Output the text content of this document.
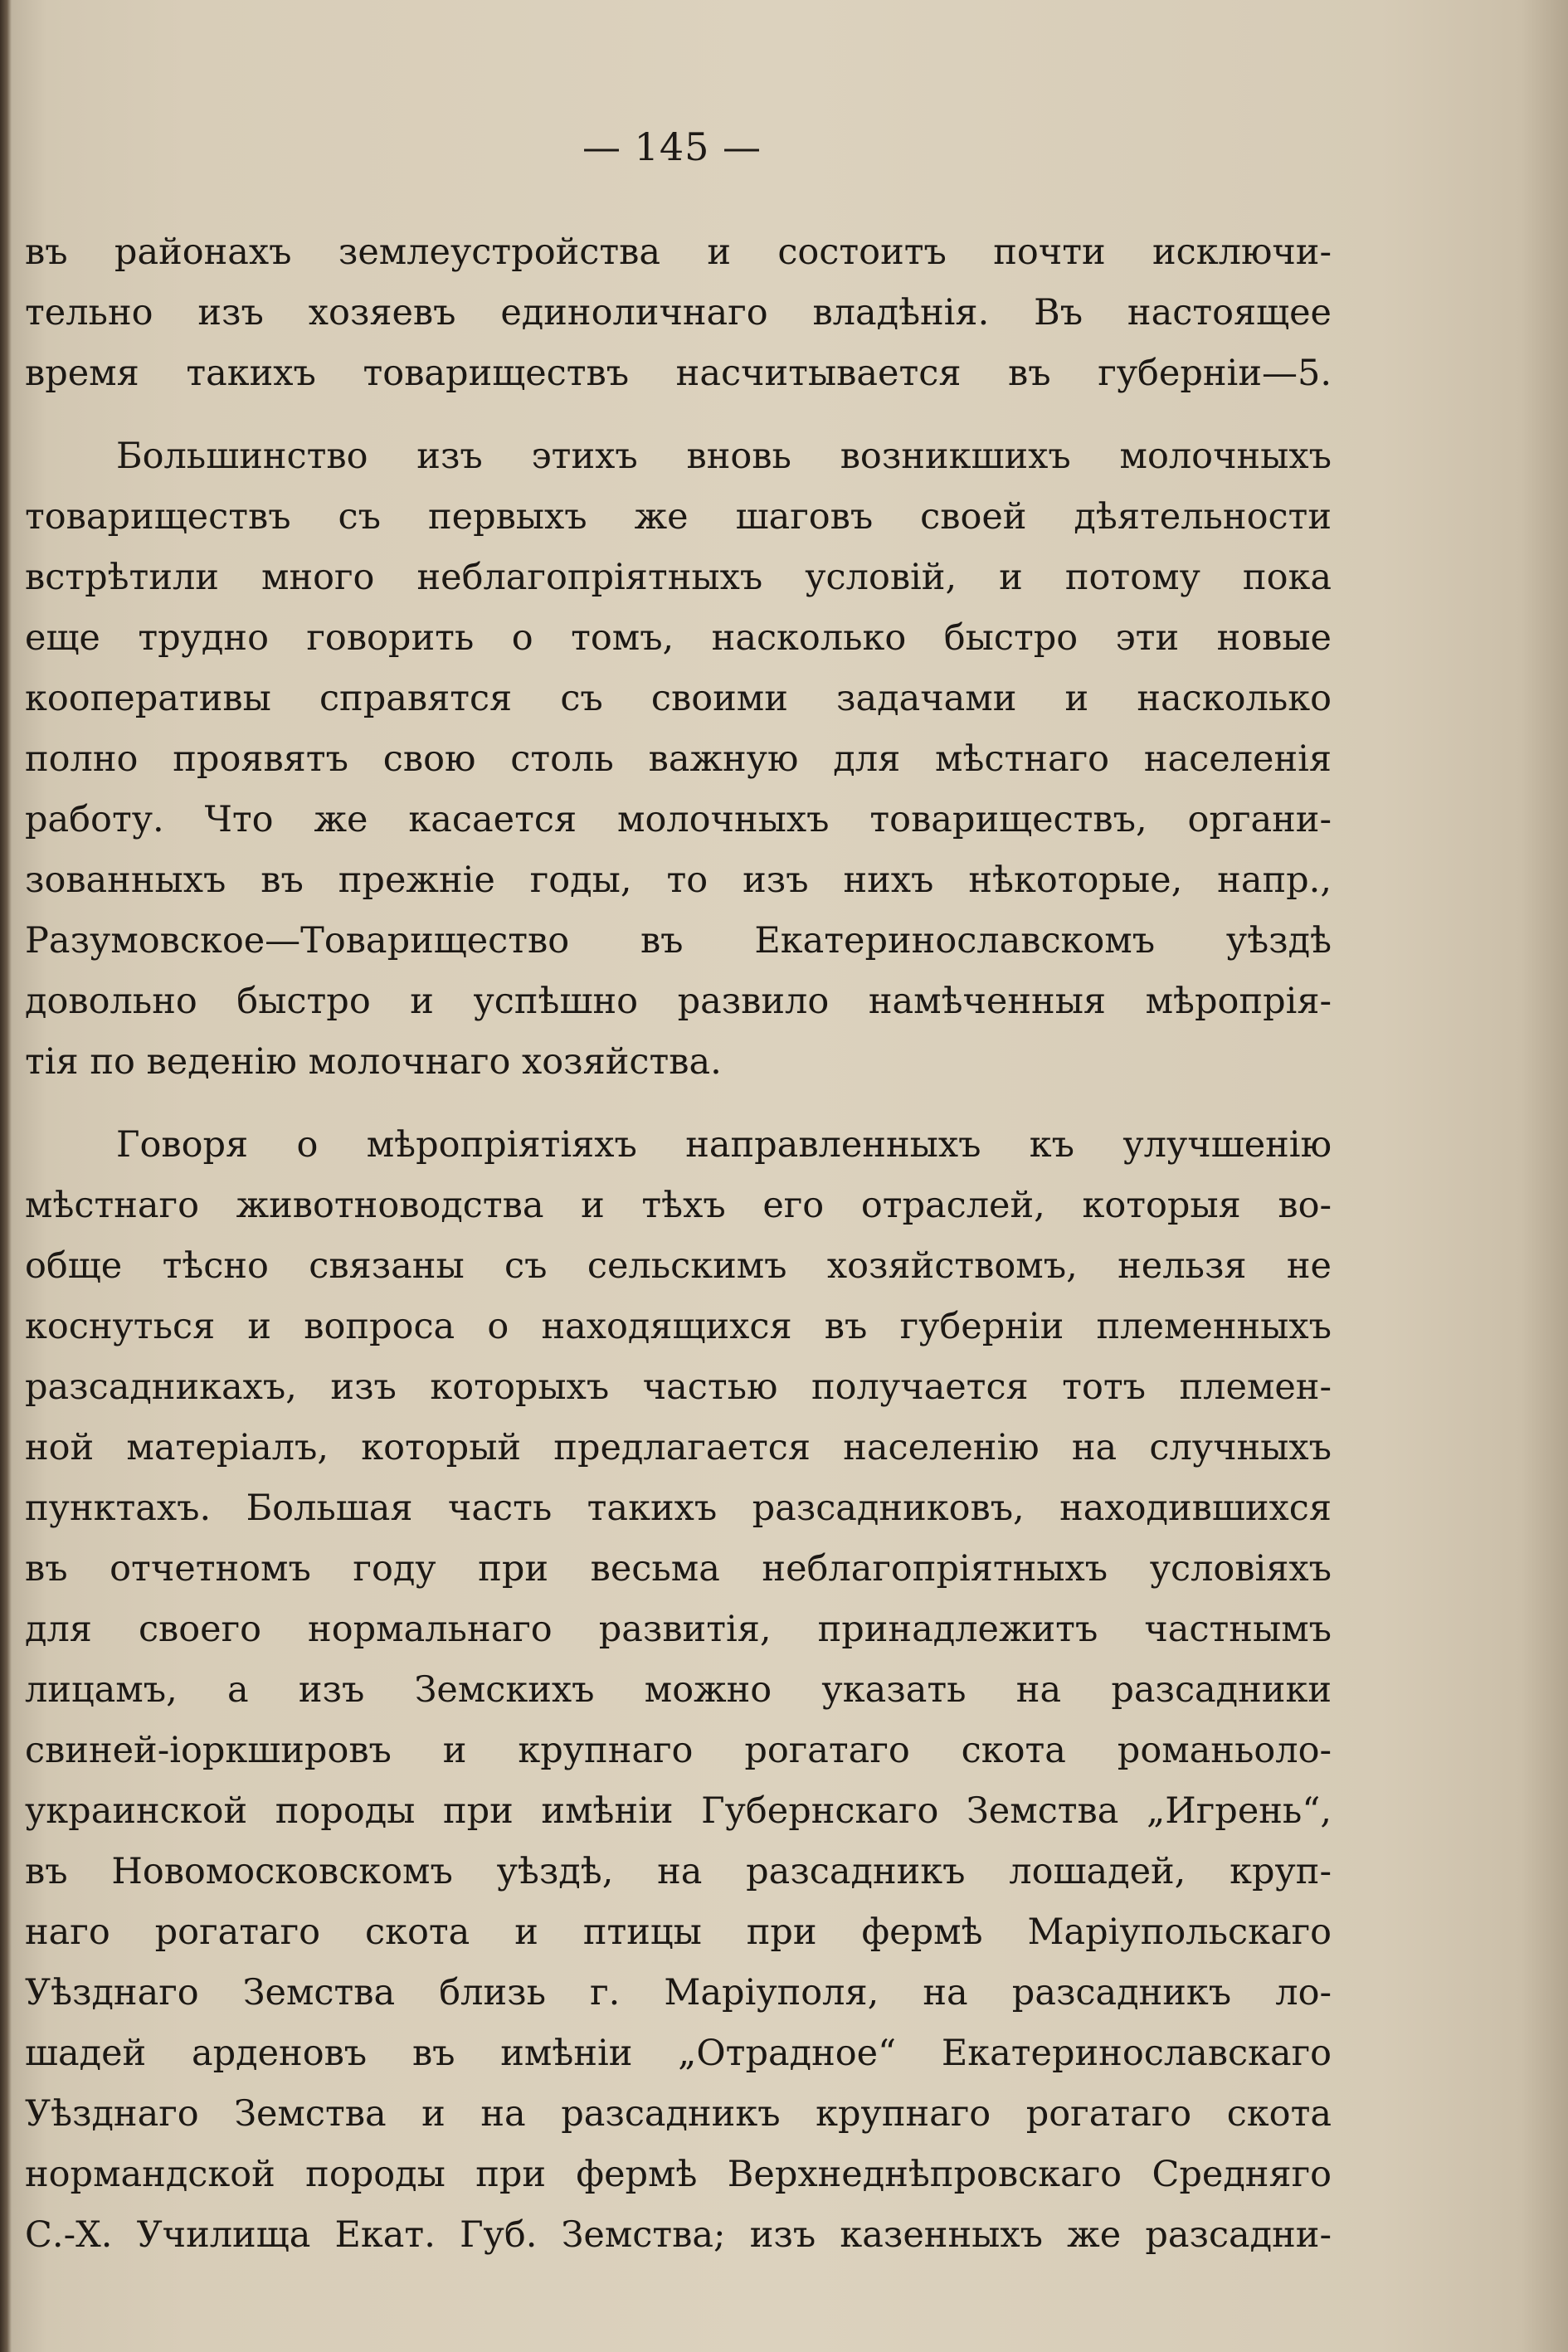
— 145 —
въ районахъ землеустройства и состоитъ почти исключи-
тельно изъ хозяевъ единоличнаго владѣнія. Въ настоящее
время такихъ товариществъ насчитывается въ губерніи—5.
Большинство изъ этихъ вновь возникшихъ молочныхъ
товариществъ съ первыхъ же шаговъ своей дѣятельности
встрѣтили много неблагопріятныхъ условій, и потому пока
еще трудно говорить о томъ, насколько быстро эти новые
кооперативы справятся съ своими задачами и насколько
полно проявятъ свою столь важную для мѣстнаго населенія
работу. Что же касается молочныхъ товариществъ, органи-
зованныхъ въ прежніе годы, то изъ нихъ нѣкоторые, напр.,
Разумовское—Товарищество въ Екатеринославскомъ уѣздѣ
довольно быстро и успѣшно развило намѣченныя мѣропрія-
тія по веденію молочнаго хозяйства.
Говоря о мѣропріятіяхъ направленныхъ къ улучшенію
мѣстнаго животноводства и тѣхъ его отраслей, которыя во-
обще тѣсно связаны съ сельскимъ хозяйствомъ, нельзя не
коснуться и вопроса о находящихся въ губерніи племенныхъ
разсадникахъ, изъ которыхъ частью получается тотъ племен-
ной матеріалъ, который предлагается населенію на случныхъ
пунктахъ. Большая часть такихъ разсадниковъ, находившихся
въ отчетномъ году при весьма неблагопріятныхъ условіяхъ
для своего нормальнаго развитія, принадлежитъ частнымъ
лицамъ, а изъ Земскихъ можно указать на разсадники
свиней-іоркшировъ и крупнаго рогатаго скота романьоло-
украинской породы при имѣніи Губернскаго Земства „Игрень“,
въ Новомосковскомъ уѣздѣ, на разсадникъ лошадей, круп-
наго рогатаго скота и птицы при фермѣ Маріупольскаго
Уѣзднаго Земства близь г. Маріуполя, на разсадникъ ло-
шадей арденовъ въ имѣніи „Отрадное“ Екатеринославскаго
Уѣзднаго Земства и на разсадникъ крупнаго рогатаго скота
нормандской породы при фермѣ Верхнеднѣпровскаго Средняго
С.-Х. Училища Екат. Губ. Земства; изъ казенныхъ же разсадни-
